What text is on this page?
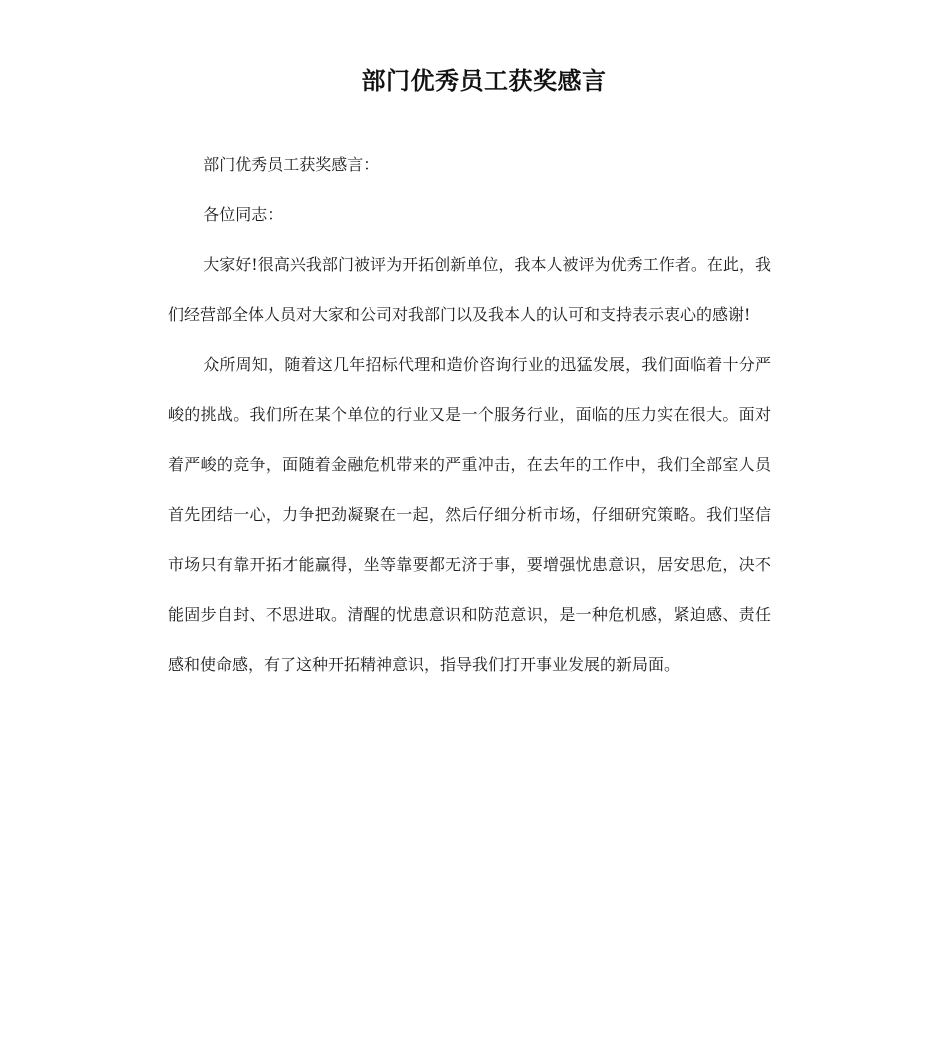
部门优秀员工获奖感言

部门优秀员工获奖感言：

各位同志：

大家好!很高兴我部门被评为开拓创新单位，我本人被评为优秀工作者。在此，我们经营部全体人员对大家和公司对我部门以及我本人的认可和支持表示衷心的感谢!

众所周知，随着这几年招标代理和造价咨询行业的迅猛发展，我们面临着十分严峻的挑战。我们所在某个单位的行业又是一个服务行业，面临的压力实在很大。面对着严峻的竞争，面随着金融危机带来的严重冲击，在去年的工作中，我们全部室人员首先团结一心，力争把劲凝聚在一起，然后仔细分析市场，仔细研究策略。我们坚信市场只有靠开拓才能赢得，坐等靠要都无济于事，要增强忧患意识，居安思危，决不能固步自封、不思进取。清醒的忧患意识和防范意识，是一种危机感，紧迫感、责任感和使命感，有了这种开拓精神意识，指导我们打开事业发展的新局面。
